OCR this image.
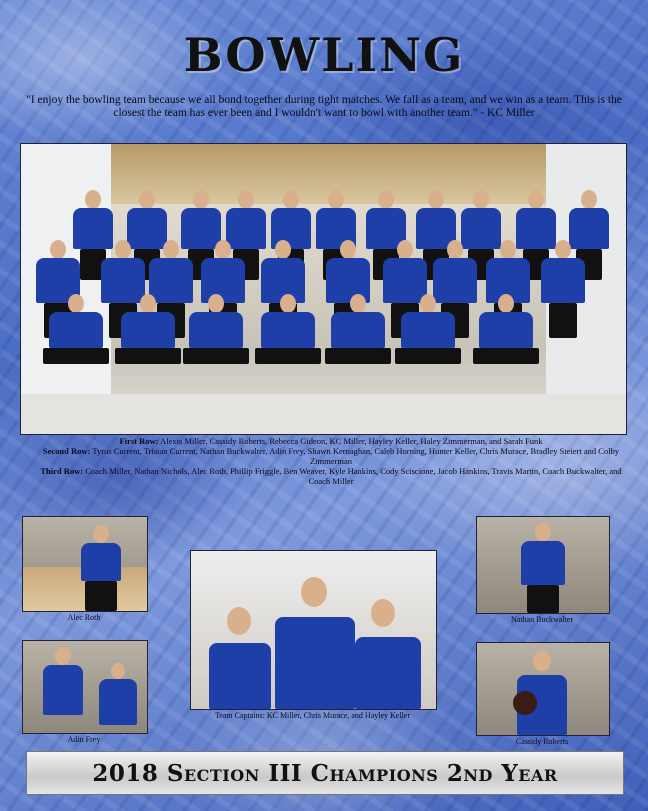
BOWLING
"I enjoy the bowling team because we all bond together during tight matches. We fall as a team, and we win as a team. This is the closest the team has ever been and I wouldn't want to bowl with another team." - KC Miller
First Row: Alexis Miller, Cassidy Roberts, Rebecca Gideon, KC Miller, Hayley Keller, Haley Zimmerman, and Sarah Funk
Second Row: Tyrus Current, Tristan Current, Nathan Buckwalter, Adin Frey, Shawn Kernaghan, Caleb Horning, Hunter Keller, Chris Murace, Bradley Steiert and Colby Zimmerman
Third Row: Coach Miller, Nathan Nichols, Alec Roth, Phillip Friggle, Ben Weaver, Kyle Hankins, Cody Sciscione, Jacob Hankins, Travis Martin, Coach Buckwalter, and Coach Miller
Alec Roth
Adin Frey
Team Captains: KC Miller, Chris Murace, and Hayley Keller
Nathan Buckwalter
Cassidy Roberts
2018 Section III Champions 2nd Year
